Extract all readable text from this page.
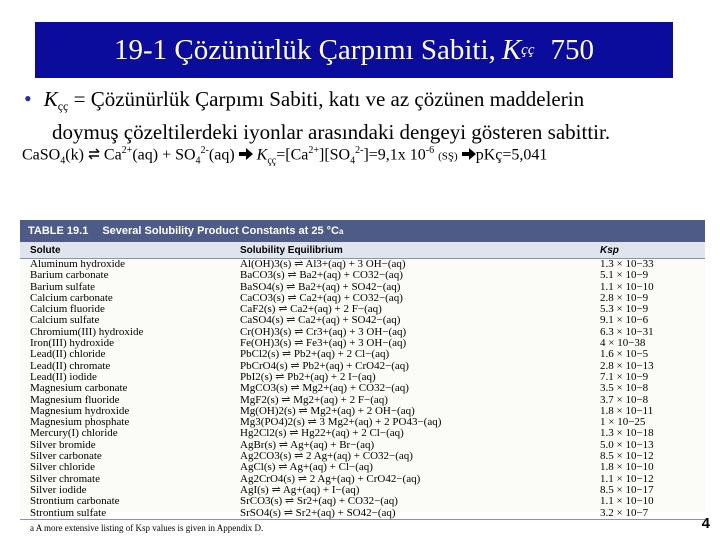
19-1 Çözünürlük Çarpımı Sabiti, K çç 750
• $K_{çç}$ = Çözünürlük Çarpımı Sabiti, katı ve az çözünen maddelerin
doymuş çözeltilerdeki iyonlar arasındaki dengeyi gösteren sabittir.
CaSO$_4$(k) ⇌ $Ca^{2+}(aq) + SO_4^{2-}(aq)$ $K_{çç}=[Ca^{2+}][SO_4^{2-}]=9,1x$ $10^{-6}$ (SŞ) pKç=5,041
TABLE 19.1 Several Solubility Product Constants at 25 °C a
Solute	Solubility Equilibrium	Ksp
Aluminum hydroxide	Al(OH)3(s) ⇌ Al3+(aq) + 3 OH−(aq)	1.3 × 10−33
Barium carbonate	BaCO3(s) ⇌ Ba2+(aq) + CO32−(aq)	5.1 × 10−9
Barium sulfate	BaSO4(s) ⇌ Ba2+(aq) + SO42−(aq)	1.1 × 10−10
Calcium carbonate	CaCO3(s) ⇌ Ca2+(aq) + CO32−(aq)	2.8 × 10−9
Calcium fluoride	CaF2(s) ⇌ Ca2+(aq) + 2 F−(aq)	5.3 × 10−9
Calcium sulfate	CaSO4(s) ⇌ Ca2+(aq) + SO42−(aq)	9.1 × 10−6
Chromium(III) hydroxide	Cr(OH)3(s) ⇌ Cr3+(aq) + 3 OH−(aq)	6.3 × 10−31
Iron(III) hydroxide	Fe(OH)3(s) ⇌ Fe3+(aq) + 3 OH−(aq)	4 × 10−38
Lead(II) chloride	PbCl2(s) ⇌ Pb2+(aq) + 2 Cl−(aq)	1.6 × 10−5
Lead(II) chromate	PbCrO4(s) ⇌ Pb2+(aq) + CrO42−(aq)	2.8 × 10−13
Lead(II) iodide	PbI2(s) ⇌ Pb2+(aq) + 2 I−(aq)	7.1 × 10−9
Magnesium carbonate	MgCO3(s) ⇌ Mg2+(aq) + CO32−(aq)	3.5 × 10−8
Magnesium fluoride	MgF2(s) ⇌ Mg2+(aq) + 2 F−(aq)	3.7 × 10−8
Magnesium hydroxide	Mg(OH)2(s) ⇌ Mg2+(aq) + 2 OH−(aq)	1.8 × 10−11
Magnesium phosphate	Mg3(PO4)2(s) ⇌ 3 Mg2+(aq) + 2 PO43−(aq)	1 × 10−25
Mercury(I) chloride	Hg2Cl2(s) ⇌ Hg22+(aq) + 2 Cl−(aq)	1.3 × 10−18
Silver bromide	AgBr(s) ⇌ Ag+(aq) + Br−(aq)	5.0 × 10−13
Silver carbonate	Ag2CO3(s) ⇌ 2 Ag+(aq) + CO32−(aq)	8.5 × 10−12
Silver chloride	AgCl(s) ⇌ Ag+(aq) + Cl−(aq)	1.8 × 10−10
Silver chromate	Ag2CrO4(s) ⇌ 2 Ag+(aq) + CrO42−(aq)	1.1 × 10−12
Silver iodide	AgI(s) ⇌ Ag+(aq) + I−(aq)	8.5 × 10−17
Strontium carbonate	SrCO3(s) ⇌ Sr2+(aq) + CO32−(aq)	1.1 × 10−10
Strontium sulfate	SrSO4(s) ⇌ Sr2+(aq) + SO42−(aq)	3.2 × 10−7
a A more extensive listing of Ksp values is given in Appendix D.	4
